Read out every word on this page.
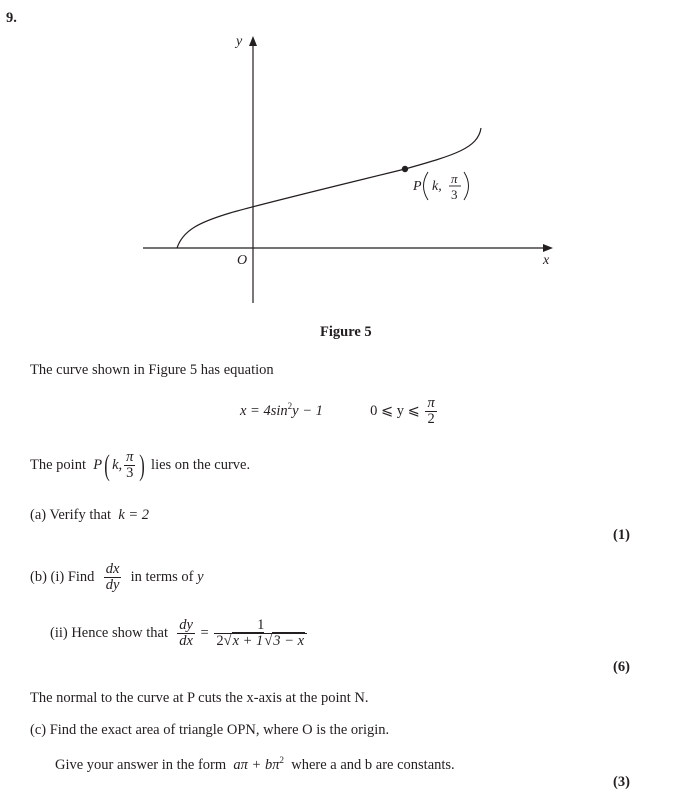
9.
y
x
O
P k,
π
3
Figure 5
The curve shown in Figure 5 has equation
$x = 4\sin^2y - 1$	0 ⩽ y ⩽ $\frac{\pi}{2}$
The point P( k, $\frac{\pi}{3}$ ) lies on the curve.
(a) Verify that k = 2
(1)
(b) (i) Find $\frac{dx}{dy}$ in terms of y
(ii) Hence show that $\frac{dy}{dx} = \frac{1}{2√x + 1√3 - x}$
(6)
The normal to the curve at P cuts the x-axis at the point N.
(c) Find the exact area of triangle OPN, where O is the origin.
Give your answer in the form $a\pi + b\pi^2$ where a and b are constants.
(3)
